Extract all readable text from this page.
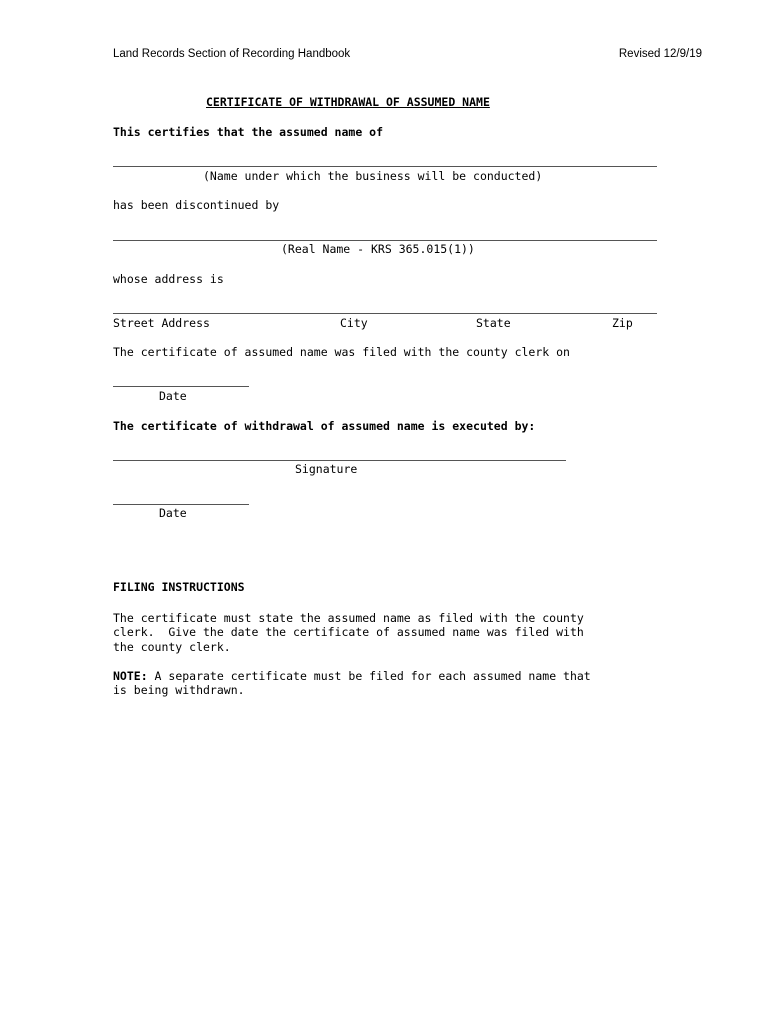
Land Records Section of Recording Handbook	Revised 12/9/19
CERTIFICATE OF WITHDRAWAL OF ASSUMED NAME
This certifies that the assumed name of
(Name under which the business will be conducted)
has been discontinued by
(Real Name - KRS 365.015(1))
whose address is
Street Address	City	State	Zip
The certificate of assumed name was filed with the county clerk on
Date
The certificate of withdrawal of assumed name is executed by:
Signature
Date
FILING INSTRUCTIONS
The certificate must state the assumed name as filed with the county
clerk.  Give the date the certificate of assumed name was filed with
the county clerk.
NOTE: A separate certificate must be filed for each assumed name that
is being withdrawn.
